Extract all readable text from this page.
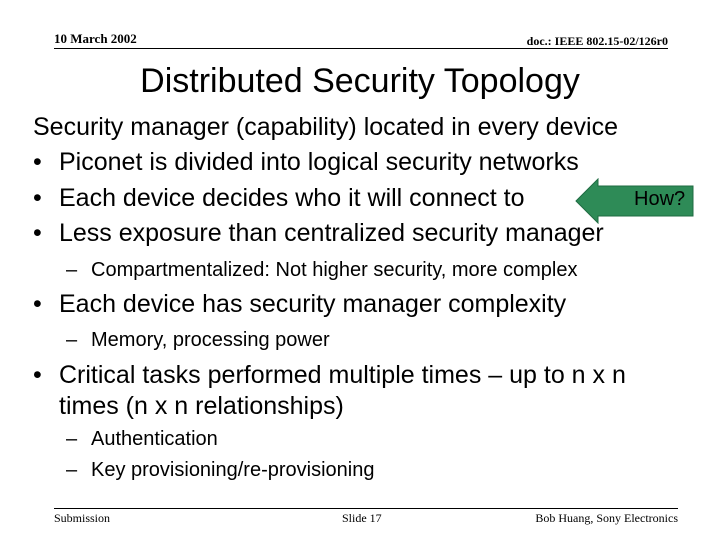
10 March 2002	doc.: IEEE 802.15-02/126r0
Distributed Security Topology
Security manager (capability) located in every device
• Piconet is divided into logical security networks
• Each device decides who it will connect to	How?
• Less exposure than centralized security manager
– Compartmentalized: Not higher security, more complex
• Each device has security manager complexity
– Memory, processing power
• Critical tasks performed multiple times – up to n x n
times (n x n relationships)
– Authentication
– Key provisioning/re-provisioning
Submission	Slide 17	Bob Huang, Sony Electronics
